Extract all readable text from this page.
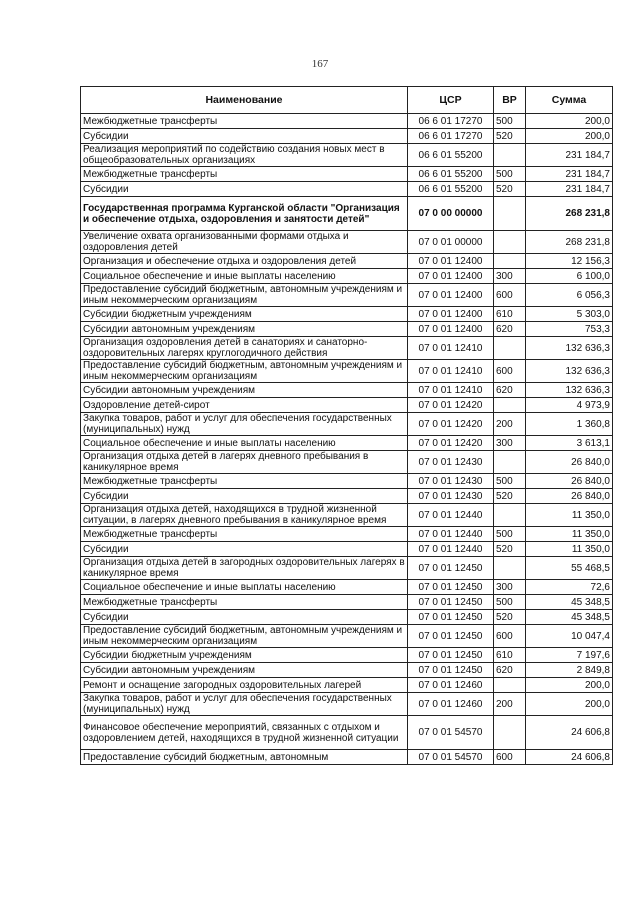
167
Наименование	ЦСР	ВР	Сумма
Межбюджетные трансферты	06 6 01 17270	500	200,0
Субсидии	06 6 01 17270	520	200,0
Реализация мероприятий по содействию создания новых мест в общеобразовательных организациях	06 6 01 55200		231 184,7
Межбюджетные трансферты	06 6 01 55200	500	231 184,7
Субсидии	06 6 01 55200	520	231 184,7
Государственная программа Курганской области "Организация и обеспечение отдыха, оздоровления и занятости детей"	07 0 00 00000		268 231,8
Увеличение охвата организованными формами отдыха и оздоровления детей	07 0 01 00000		268 231,8
Организация и обеспечение отдыха и оздоровления детей	07 0 01 12400		12 156,3
Социальное обеспечение и иные выплаты населению	07 0 01 12400	300	6 100,0
Предоставление субсидий бюджетным, автономным учреждениям и иным некоммерческим организациям	07 0 01 12400	600	6 056,3
Субсидии бюджетным учреждениям	07 0 01 12400	610	5 303,0
Субсидии автономным учреждениям	07 0 01 12400	620	753,3
Организация оздоровления детей в санаториях и санаторно-оздоровительных лагерях круглогодичного действия	07 0 01 12410		132 636,3
Предоставление субсидий бюджетным, автономным учреждениям и иным некоммерческим организациям	07 0 01 12410	600	132 636,3
Субсидии автономным учреждениям	07 0 01 12410	620	132 636,3
Оздоровление детей-сирот	07 0 01 12420		4 973,9
Закупка товаров, работ и услуг для обеспечения государственных (муниципальных) нужд	07 0 01 12420	200	1 360,8
Социальное обеспечение и иные выплаты населению	07 0 01 12420	300	3 613,1
Организация отдыха детей в лагерях дневного пребывания в каникулярное время	07 0 01 12430		26 840,0
Межбюджетные трансферты	07 0 01 12430	500	26 840,0
Субсидии	07 0 01 12430	520	26 840,0
Организация отдыха детей, находящихся в трудной жизненной ситуации, в лагерях дневного пребывания в каникулярное время	07 0 01 12440		11 350,0
Межбюджетные трансферты	07 0 01 12440	500	11 350,0
Субсидии	07 0 01 12440	520	11 350,0
Организация отдыха детей в загородных оздоровительных лагерях в каникулярное время	07 0 01 12450		55 468,5
Социальное обеспечение и иные выплаты населению	07 0 01 12450	300	72,6
Межбюджетные трансферты	07 0 01 12450	500	45 348,5
Субсидии	07 0 01 12450	520	45 348,5
Предоставление субсидий бюджетным, автономным учреждениям и иным некоммерческим организациям	07 0 01 12450	600	10 047,4
Субсидии бюджетным учреждениям	07 0 01 12450	610	7 197,6
Субсидии автономным учреждениям	07 0 01 12450	620	2 849,8
Ремонт и оснащение загородных оздоровительных лагерей	07 0 01 12460		200,0
Закупка товаров, работ и услуг для обеспечения государственных (муниципальных) нужд	07 0 01 12460	200	200,0
Финансовое обеспечение мероприятий, связанных с отдыхом и оздоровлением детей, находящихся в трудной жизненной ситуации	07 0 01 54570		24 606,8
Предоставление субсидий бюджетным, автономным	07 0 01 54570	600	24 606,8
